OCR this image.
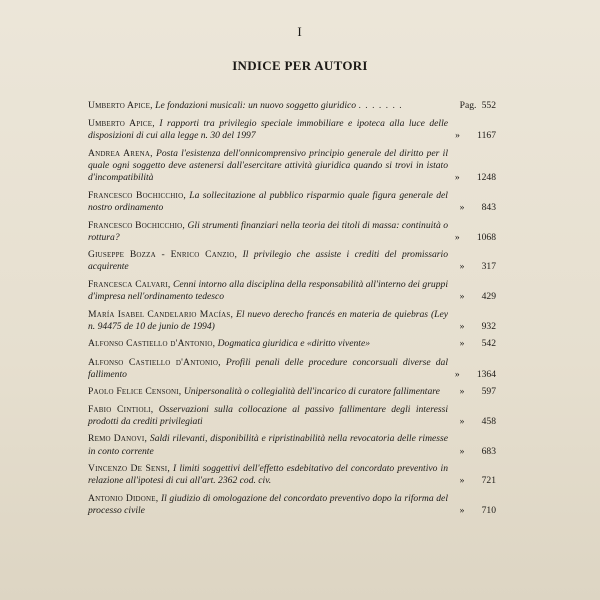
I
INDICE PER AUTORI
Umberto Apice, Le fondazioni musicali: un nuovo soggetto giuridico . . . . . . .	Pag. 552
Umberto Apice, I rapporti tra privilegio speciale immobiliare e ipoteca alla luce delle disposizioni di cui alla legge n. 30 del 1997	» 1167
Andrea Arena, Posta l'esistenza dell'onnicomprensivo principio generale del diritto per il quale ogni soggetto deve astenersi dall'esercitare attività giuridica quando si trovi in istato d'incompatibilità	» 1248
Francesco Bochicchio, La sollecitazione al pubblico risparmio quale figura generale del nostro ordinamento	» 843
Francesco Bochicchio, Gli strumenti finanziari nella teoria dei titoli di massa: continuità o rottura?	» 1068
Giuseppe Bozza - Enrico Canzio, Il privilegio che assiste i crediti del promissario acquirente	» 317
Francesca Calvari, Cenni intorno alla disciplina della responsabilità all'interno dei gruppi d'impresa nell'ordinamento tedesco	» 429
María Isabel Candelario Macías, El nuevo derecho francés en materia de quiebras (Ley n. 94475 de 10 de junio de 1994)	» 932
Alfonso Castiello d'Antonio, Dogmatica giuridica e «diritto vivente»	» 542
Alfonso Castiello d'Antonio, Profili penali delle procedure concorsuali diverse dal fallimento	» 1364
Paolo Felice Censoni, Unipersonalità o collegialità dell'incarico di curatore fallimentare	» 597
Fabio Cintioli, Osservazioni sulla collocazione al passivo fallimentare degli interessi prodotti da crediti privilegiati	» 458
Remo Danovi, Saldi rilevanti, disponibilità e ripristinabilità nella revocatoria delle rimesse in conto corrente	» 683
Vincenzo De Sensi, I limiti soggettivi dell'effetto esdebitativo del concordato preventivo in relazione all'ipotesi di cui all'art. 2362 cod. civ.	» 721
Antonio Didone, Il giudizio di omologazione del concordato preventivo dopo la riforma del processo civile	» 710
